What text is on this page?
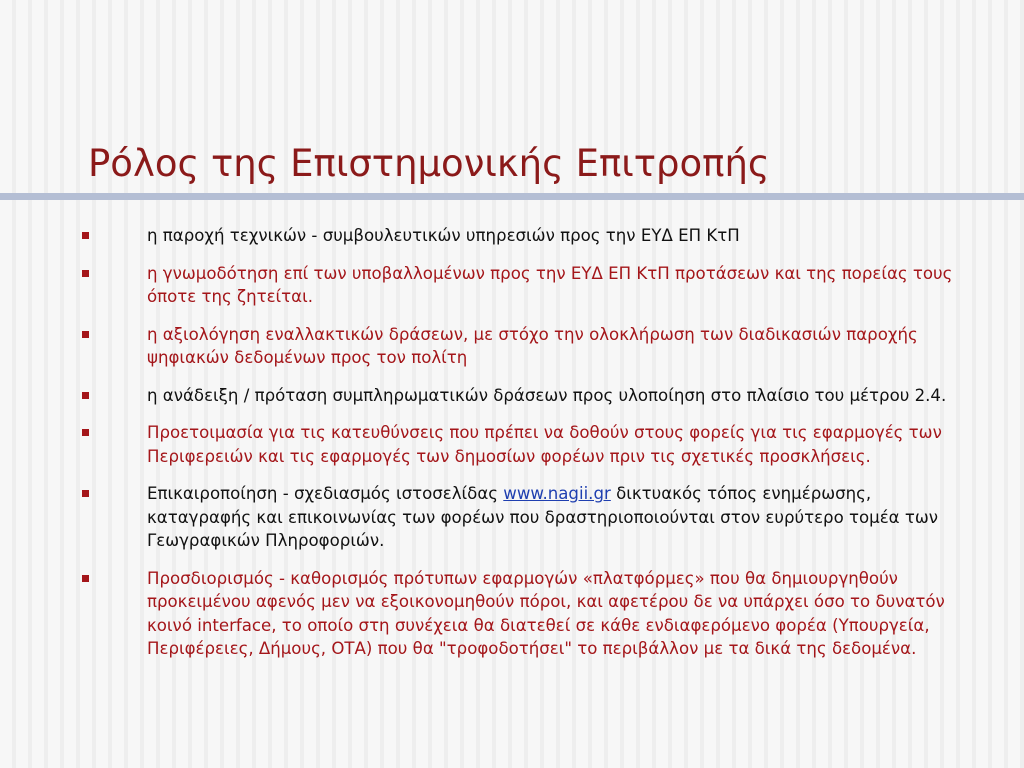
Ρόλος της Επιστημονικής Επιτροπής
η παροχή τεχνικών - συμβουλευτικών υπηρεσιών προς την ΕΥΔ ΕΠ ΚτΠ
η γνωμοδότηση επί των υποβαλλομένων προς την ΕΥΔ ΕΠ ΚτΠ προτάσεων και της πορείας τους όποτε της ζητείται.
η αξιολόγηση εναλλακτικών δράσεων, με στόχο την ολοκλήρωση των διαδικασιών παροχής ψηφιακών δεδομένων προς τον πολίτη
η ανάδειξη / πρόταση συμπληρωματικών δράσεων προς υλοποίηση στο πλαίσιο του μέτρου 2.4.
Προετοιμασία για τις κατευθύνσεις που πρέπει να δοθούν στους φορείς για τις εφαρμογές των Περιφερειών και τις εφαρμογές των δημοσίων φορέων πριν τις σχετικές προσκλήσεις.
Επικαιροποίηση - σχεδιασμός ιστοσελίδας www.nagii.gr δικτυακός τόπος ενημέρωσης, καταγραφής και επικοινωνίας των φορέων που δραστηριοποιούνται στον ευρύτερο τομέα των Γεωγραφικών Πληροφοριών.
Προσδιορισμός - καθορισμός πρότυπων εφαρμογών «πλατφόρμες» που θα δημιουργηθούν προκειμένου αφενός μεν να εξοικονομηθούν πόροι, και αφετέρου δε να υπάρχει όσο το δυνατόν κοινό interface, το οποίο στη συνέχεια θα διατεθεί σε κάθε ενδιαφερόμενο φορέα (Υπουργεία, Περιφέρειες, Δήμους, ΟΤΑ) που θα "τροφοδοτήσει" το περιβάλλον με τα δικά της δεδομένα.
